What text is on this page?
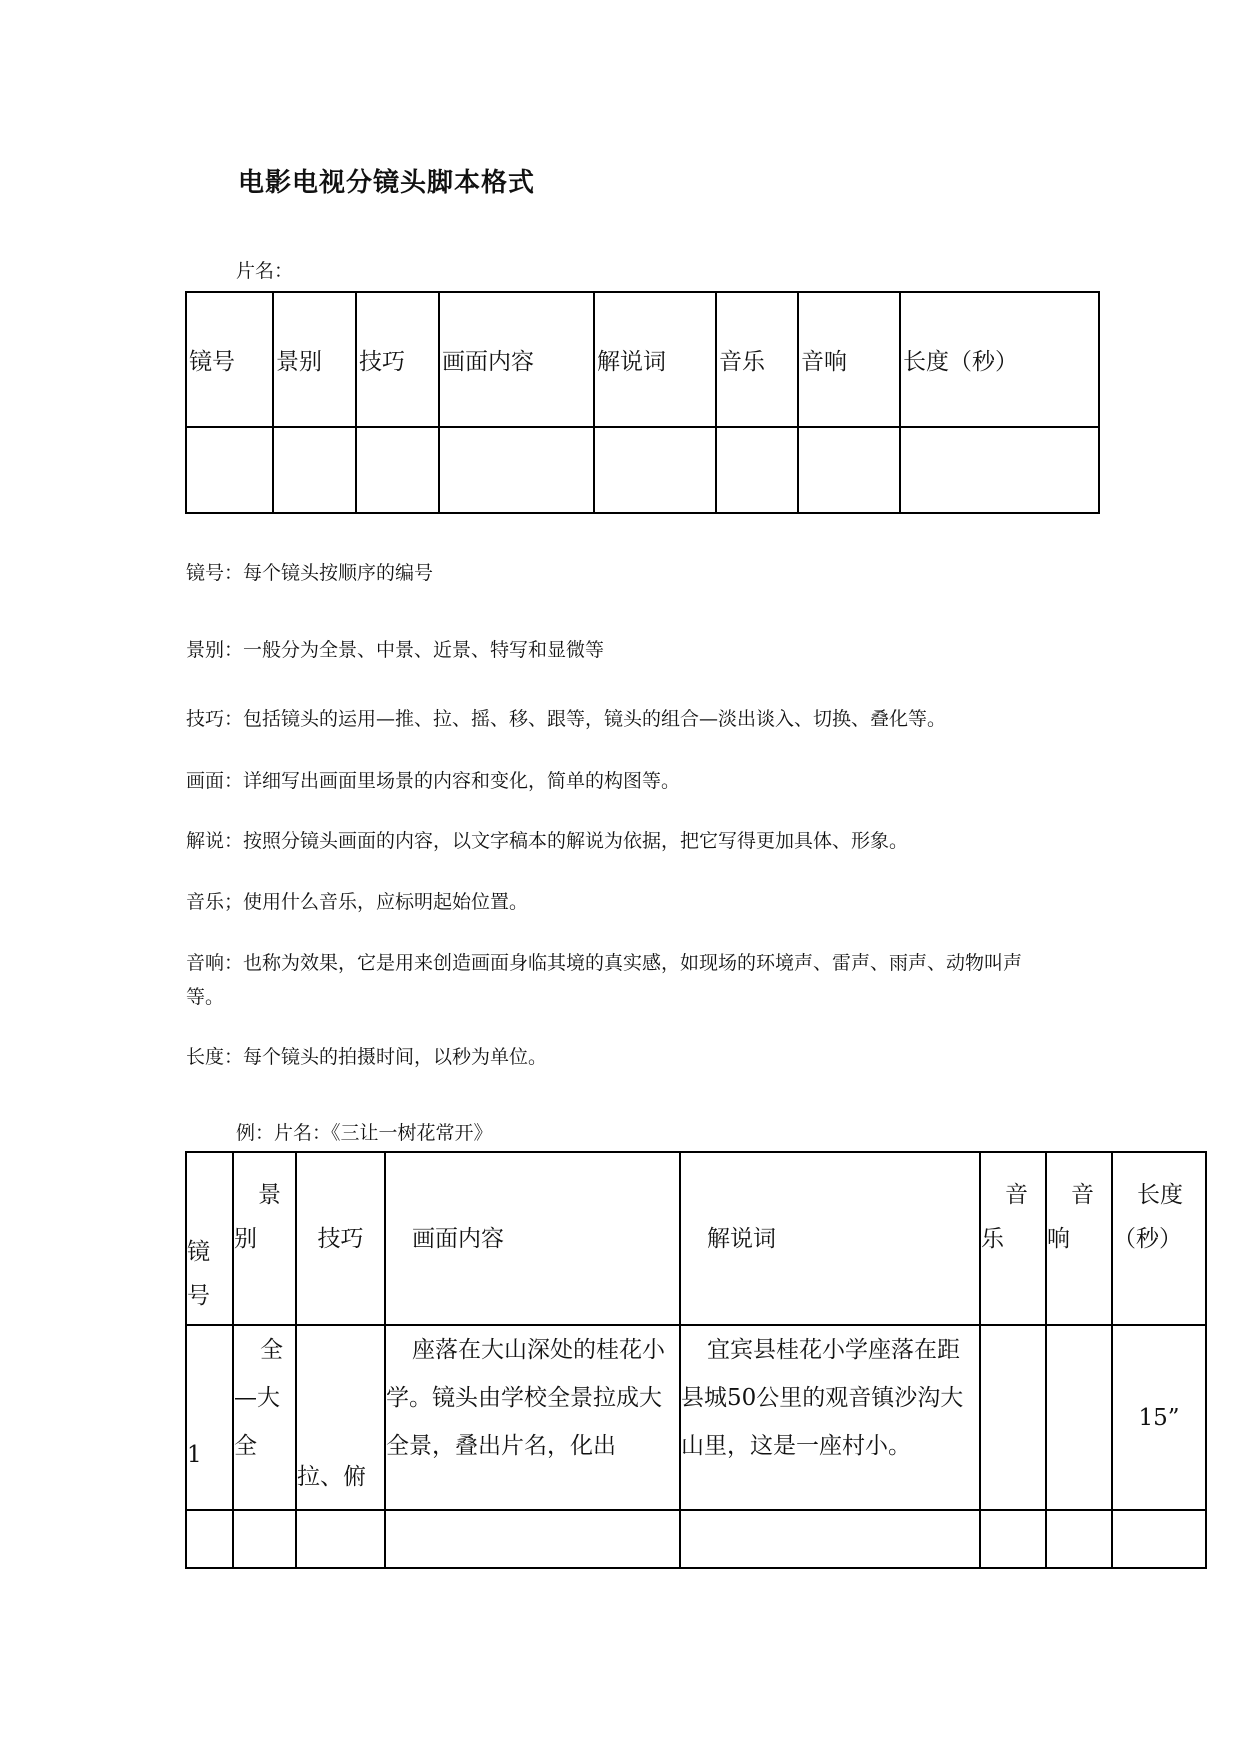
电影电视分镜头脚本格式
片名：
镜号	景别	技巧	画面内容	解说词	音乐	音响	长度（秒）

镜号：每个镜头按顺序的编号
景别：一般分为全景、中景、近景、特写和显微等
技巧：包括镜头的运用—推、拉、摇、移、跟等，镜头的组合—淡出谈入、切换、叠化等。
画面：详细写出画面里场景的内容和变化，简单的构图等。
解说：按照分镜头画面的内容，以文字稿本的解说为依据，把它写得更加具体、形象。
音乐；使用什么音乐，应标明起始位置。
音响：也称为效果，它是用来创造画面身临其境的真实感，如现场的环境声、雷声、雨声、动物叫声等。
长度：每个镜头的拍摄时间，以秒为单位。
例：片名：《三让一树花常开》
镜号	景别	技巧	画面内容	解说词	音乐	音响	长度（秒）

1	全—大全	拉、俯	座落在大山深处的桂花小学。镜头由学校全景拉成大全景，叠出片名，化出	宜宾县桂花小学座落在距县城50公里的观音镇沙沟大山里，这是一座村小。			15”
